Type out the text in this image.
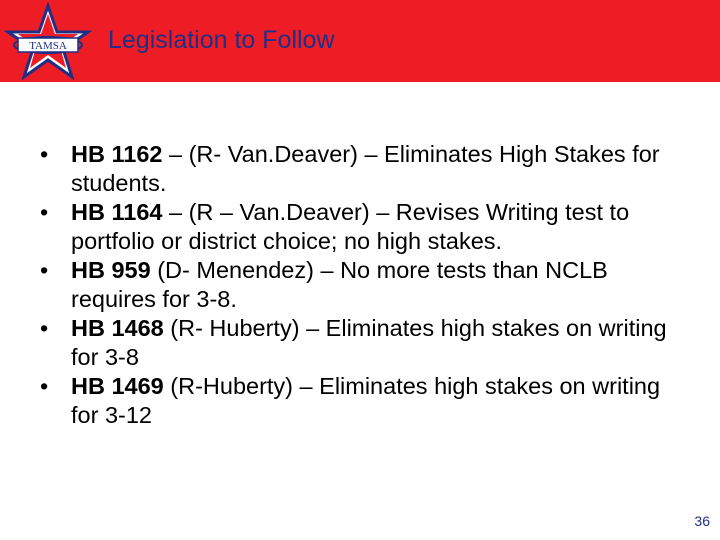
TAMSA Legislation to Follow
• HB 1162 – (R- Van.Deaver) – Eliminates High Stakes for students.
• HB 1164 – (R – Van.Deaver) – Revises Writing test to portfolio or district choice; no high stakes.
• HB 959 (D- Menendez) – No more tests than NCLB requires for 3-8.
• HB 1468 (R- Huberty) – Eliminates high stakes on writing for 3-8
• HB 1469 (R-Huberty) – Eliminates high stakes on writing for 3-12
36
